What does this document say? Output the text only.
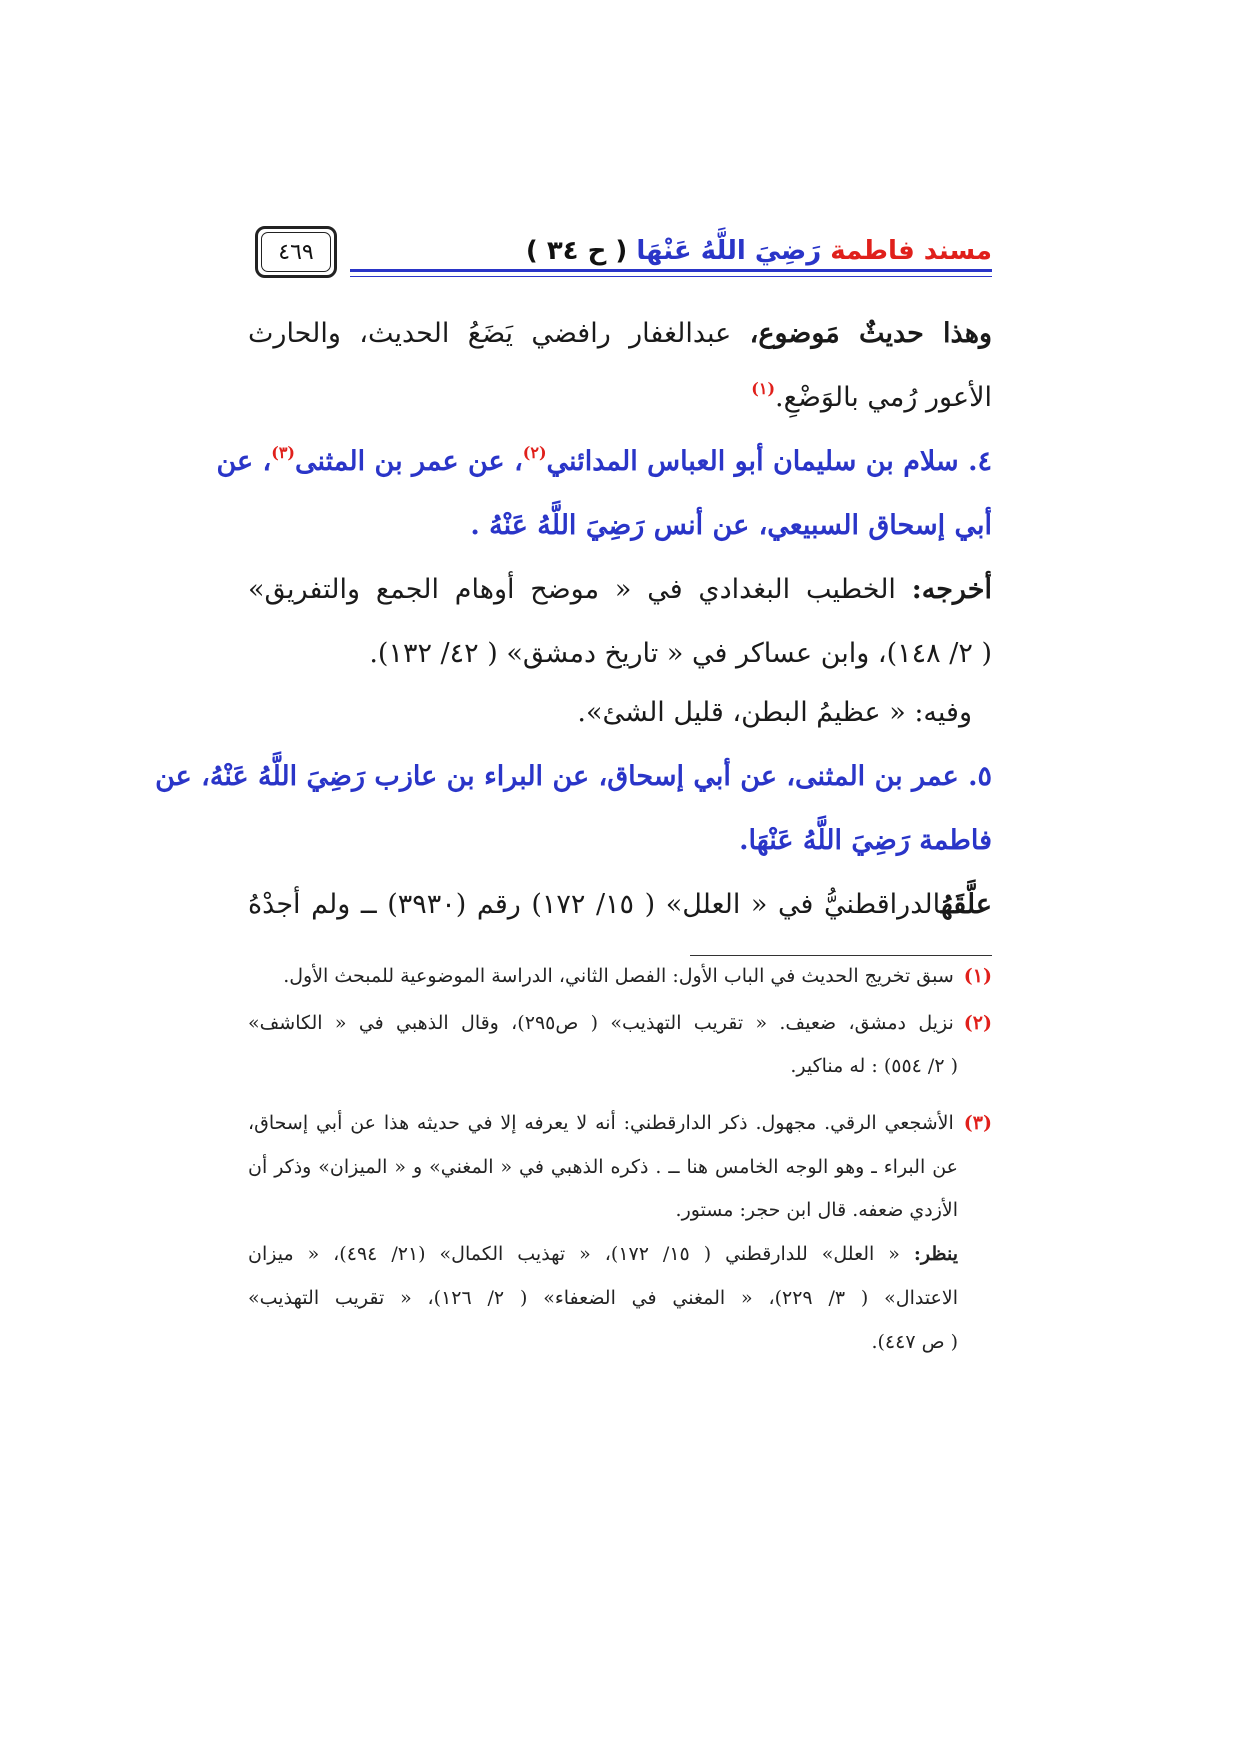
مسند فاطمة رَضِيَ اللَّهُ عَنْهَا ( ح ٣٤ )
٤٦٩
وهذا حديثٌ مَوضوع، عبدالغفار رافضي يَضَعُ الحديث، والحارث
الأعور رُمي بالوَضْعِ.$^{(١)}$
٤. سلام بن سليمان أبو العباس المدائني$^{(٢)}$، عن عمر بن المثنى$^{(٣)}$، عن
أبي إسحاق السبيعي، عن أنس رَضِيَ اللَّهُ عَنْهُ .
أخرجه: الخطيب البغدادي في « موضح أوهام الجمع والتفريق»
( ٢/ ١٤٨)، وابن عساكر في « تاريخ دمشق» ( ٤٢/ ١٣٢).
وفيه: « عظيمُ البطن، قليل الشئ».
٥. عمر بن المثنى، عن أبي إسحاق، عن البراء بن عازب رَضِيَ اللَّهُ عَنْهُ، عن
فاطمة رَضِيَ اللَّهُ عَنْهَا.
علَّقَهُالدراقطنيُّ في « العلل» ( ١٥/ ١٧٢) رقم (٣٩٣٠) ــ ولم أجدْهُ
(١)سبق تخريج الحديث في الباب الأول: الفصل الثاني، الدراسة الموضوعية للمبحث الأول.
(٢)نزيل دمشق، ضعيف. « تقريب التهذيب» ( ص٢٩٥)، وقال الذهبي في « الكاشف»
( ٢/ ٥٥٤) : له مناكير.
(٣)الأشجعي الرقي. مجهول. ذكر الدارقطني: أنه لا يعرفه إلا في حديثه هذا عن أبي إسحاق،
عن البراء ـ وهو الوجه الخامس هنا ــ . ذكره الذهبي في « المغني» و « الميزان» وذكر أن
الأزدي ضعفه. قال ابن حجر: مستور.
ينظر: « العلل» للدارقطني ( ١٥/ ١٧٢)، « تهذيب الكمال» (٢١/ ٤٩٤)، « ميزان
الاعتدال» ( ٣/ ٢٢٩)، « المغني في الضعفاء» ( ٢/ ١٢٦)، « تقريب التهذيب»
( ص ٤٤٧).
